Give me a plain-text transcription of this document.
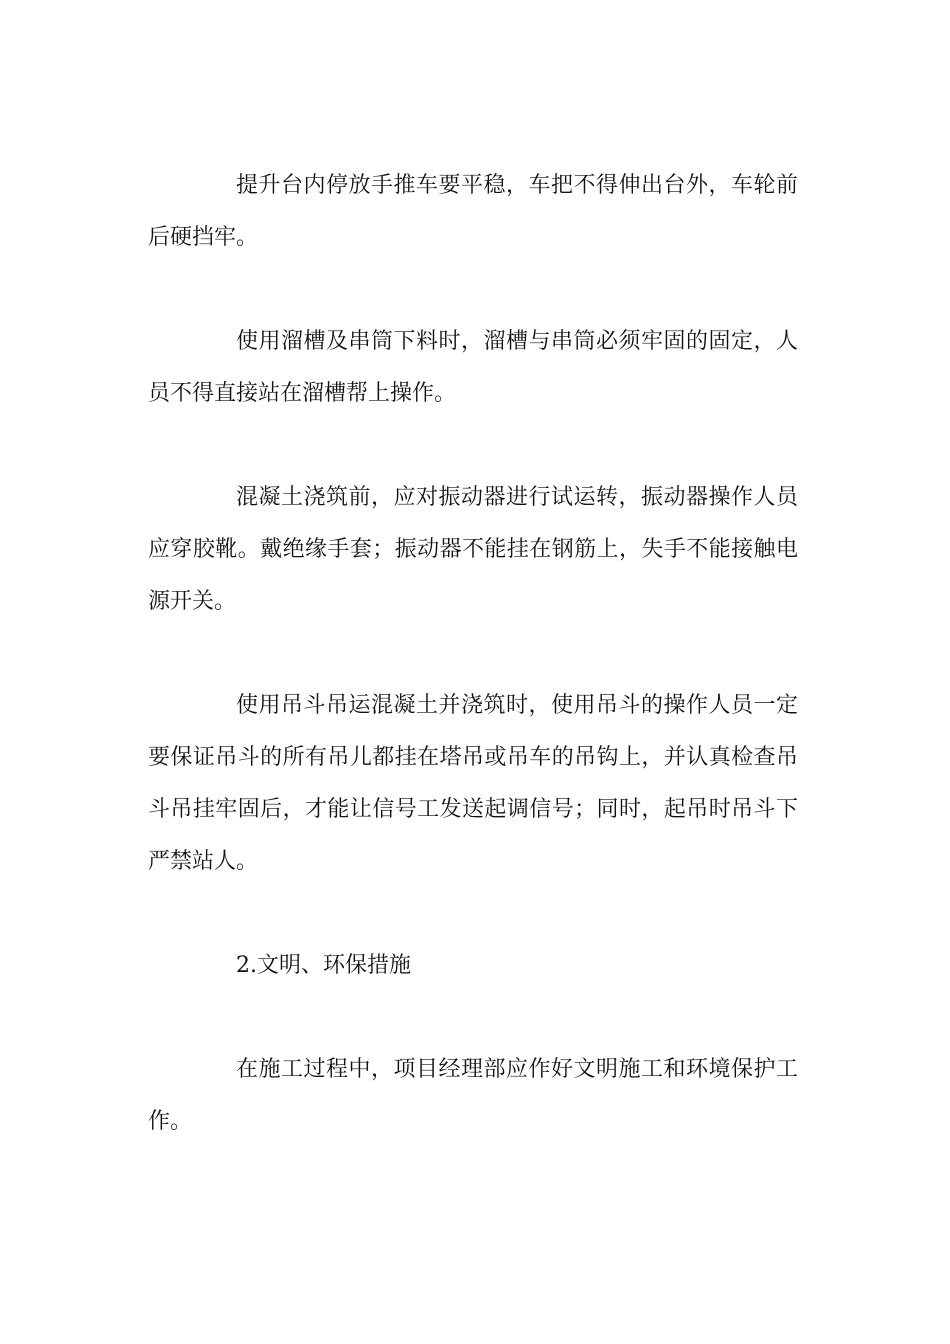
提升台内停放手推车要平稳，车把不得伸出台外，车轮前后硬挡牢。

使用溜槽及串筒下料时，溜槽与串筒必须牢固的固定，人员不得直接站在溜槽帮上操作。

混凝土浇筑前，应对振动器进行试运转，振动器操作人员应穿胶靴。戴绝缘手套；振动器不能挂在钢筋上，失手不能接触电源开关。

使用吊斗吊运混凝土并浇筑时，使用吊斗的操作人员一定要保证吊斗的所有吊儿都挂在塔吊或吊车的吊钩上，并认真检查吊斗吊挂牢固后，才能让信号工发送起调信号；同时，起吊时吊斗下严禁站人。

2.文明、环保措施

在施工过程中，项目经理部应作好文明施工和环境保护工作。
